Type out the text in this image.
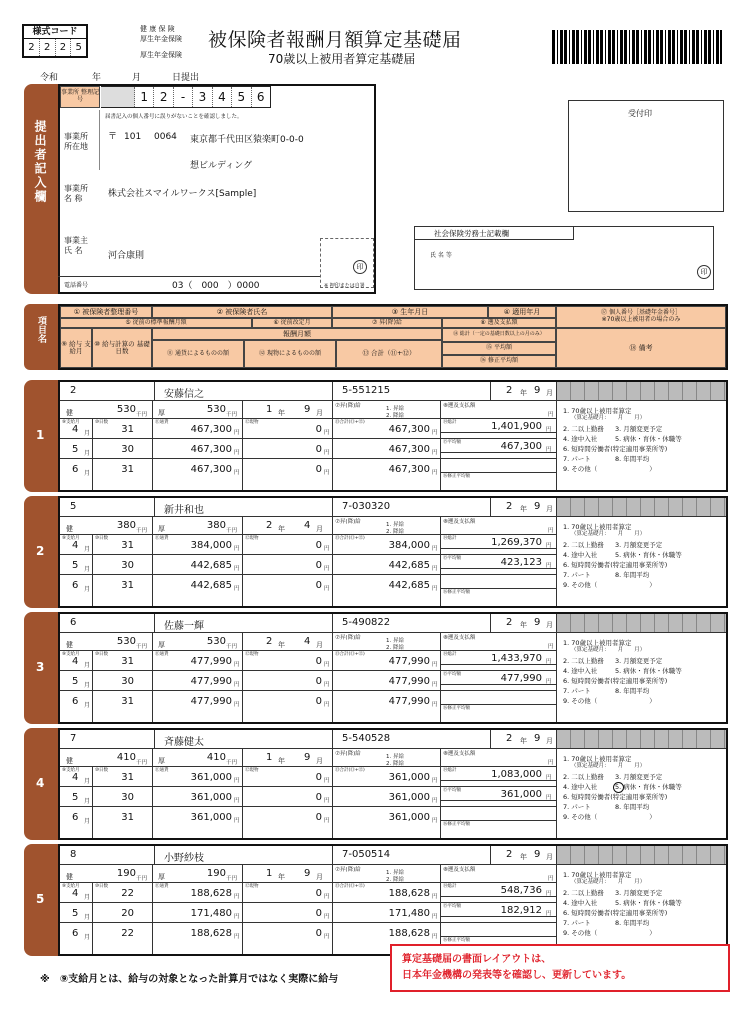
様式コード
2 2 2 5
健 康 保 険
厚生年金保険
厚生年金保険
被保険者報酬月額算定基礎届
70歳以上被用者算定基礎届
令和	年	月	日提出
提出者記入欄
事業所 整理記号	1 2	-	3 4 5 6
届書記入の個人番号に誤りがないことを確認しました。
事業所 所在地
〒 101 0064 東京都千代田区猿楽町0-0-0
想ビルディング
事業所 名 称	株式会社スマイルワークス[Sample]
事業主 氏 名
河合康則
印
※ 押印または自署
電話番号	03（　000　）0000
受付印
社会保険労務士記載欄
氏 名 等
印
項目名
① 被保険者整理番号	② 被保険者氏名	③ 生年月日	④ 適用年月
⑤ 従前の標準報酬月額	⑥ 従前改定月	⑦ 昇(降)給	⑧ 遡及支払額
⑨ 給与 支給月
⑩ 給与計算の 基礎日数
報酬月額
⑪ 通貨によるものの額	⑫ 現物によるものの額	⑬ 合計（⑪+⑫）
⑭ 総計（一定の基礎日数以上の月のみ）
⑮ 平均額
⑯ 修正平均額
⑰ 個人番号［基礎年金番号］
※70歳以上被用者の場合のみ
⑱ 備考
1
2	安藤信之	5-551215	2 年 9 月
健	530 千円 厚	530 千円	1 年 9 月
⑦昇(降)給	1. 昇給
2. 降給
⑧遡及支払額
円
⑨支給月	⑩日数	⑪通貨	⑫現物	⑬合計(⑪+⑫)
4 月	31	467,300 円	0 円	467,300 円
5 月	30	467,300 円	0 円	467,300 円
6 月	31	467,300 円	0 円	467,300 円
⑭総計	1,401,900 円
⑮平均額	467,300 円
⑯修正平均額
1. 70歳以上被用者算定
（算定基礎月：　　月　　月）
2. 二以上勤務 3. 月額変更予定
4. 途中入社	5. 病休・育休・休職等
6. 短時間労働者(特定適用事業所等)
7. パート	8. 年間平均
9. その他（　　　　　　　　）
2
5	新井和也	7-030320	2 年 9 月
健	380 千円 厚	380 千円	2 年 4 月
⑦昇(降)給	1. 昇給
2. 降給
⑧遡及支払額
円
⑨支給月	⑩日数	⑪通貨	⑫現物	⑬合計(⑪+⑫)
4 月	31	384,000 円	0 円	384,000 円
5 月	30	442,685 円	0 円	442,685 円
6 月	31	442,685 円	0 円	442,685 円
⑭総計	1,269,370 円
⑮平均額	423,123 円
⑯修正平均額
1. 70歳以上被用者算定
（算定基礎月：　　月　　月）
2. 二以上勤務 3. 月額変更予定
4. 途中入社	5. 病休・育休・休職等
6. 短時間労働者(特定適用事業所等)
7. パート	8. 年間平均
9. その他（　　　　　　　　）
3
6	佐藤一輝	5-490822	2 年 9 月
健	530 千円 厚	530 千円	2 年 4 月
⑦昇(降)給	1. 昇給
2. 降給
⑧遡及支払額
円
⑨支給月	⑩日数	⑪通貨	⑫現物	⑬合計(⑪+⑫)
4 月	31	477,990 円	0 円	477,990 円
5 月	30	477,990 円	0 円	477,990 円
6 月	31	477,990 円	0 円	477,990 円
⑭総計	1,433,970 円
⑮平均額	477,990 円
⑯修正平均額
1. 70歳以上被用者算定
（算定基礎月：　　月　　月）
2. 二以上勤務 3. 月額変更予定
4. 途中入社	5. 病休・育休・休職等
6. 短時間労働者(特定適用事業所等)
7. パート	8. 年間平均
9. その他（　　　　　　　　）
4
7	斉藤健太	5-540528	2 年 9 月
健	410 千円 厚	410 千円	1 年 9 月
⑦昇(降)給	1. 昇給
2. 降給
⑧遡及支払額
円
⑨支給月	⑩日数	⑪通貨	⑫現物	⑬合計(⑪+⑫)
4 月	31	361,000 円	0 円	361,000 円
5 月	30	361,000 円	0 円	361,000 円
6 月	31	361,000 円	0 円	361,000 円
⑭総計	1,083,000 円
⑮平均額	361,000 円
⑯修正平均額
1. 70歳以上被用者算定
（算定基礎月：　　月　　月）
2. 二以上勤務 3. 月額変更予定
4. 途中入社	5. 病休・育休・休職等
6. 短時間労働者(特定適用事業所等)
7. パート	8. 年間平均
9. その他（　　　　　　　　）
5
8	小野紗枝	7-050514	2 年 9 月
健	190 千円 厚	190 千円	1 年 9 月
⑦昇(降)給	1. 昇給
2. 降給
⑧遡及支払額
円
⑨支給月	⑩日数	⑪通貨	⑫現物	⑬合計(⑪+⑫)
4 月	22	188,628 円	0 円	188,628 円
5 月	20	171,480 円	0 円	171,480 円
6 月	22	188,628 円	0 円	188,628 円
⑭総計	548,736 円
⑮平均額	182,912 円
⑯修正平均額
1. 70歳以上被用者算定
（算定基礎月：　　月　　月）
2. 二以上勤務 3. 月額変更予定
4. 途中入社	5. 病休・育休・休職等
6. 短時間労働者(特定適用事業所等)
7. パート	8. 年間平均
9. その他（　　　　　　　　）
※　⑨支給月とは、給与の対象となった計算月ではなく実際に給与
算定基礎届の書面レイアウトは、
日本年金機構の発表等を確認し、更新しています。
